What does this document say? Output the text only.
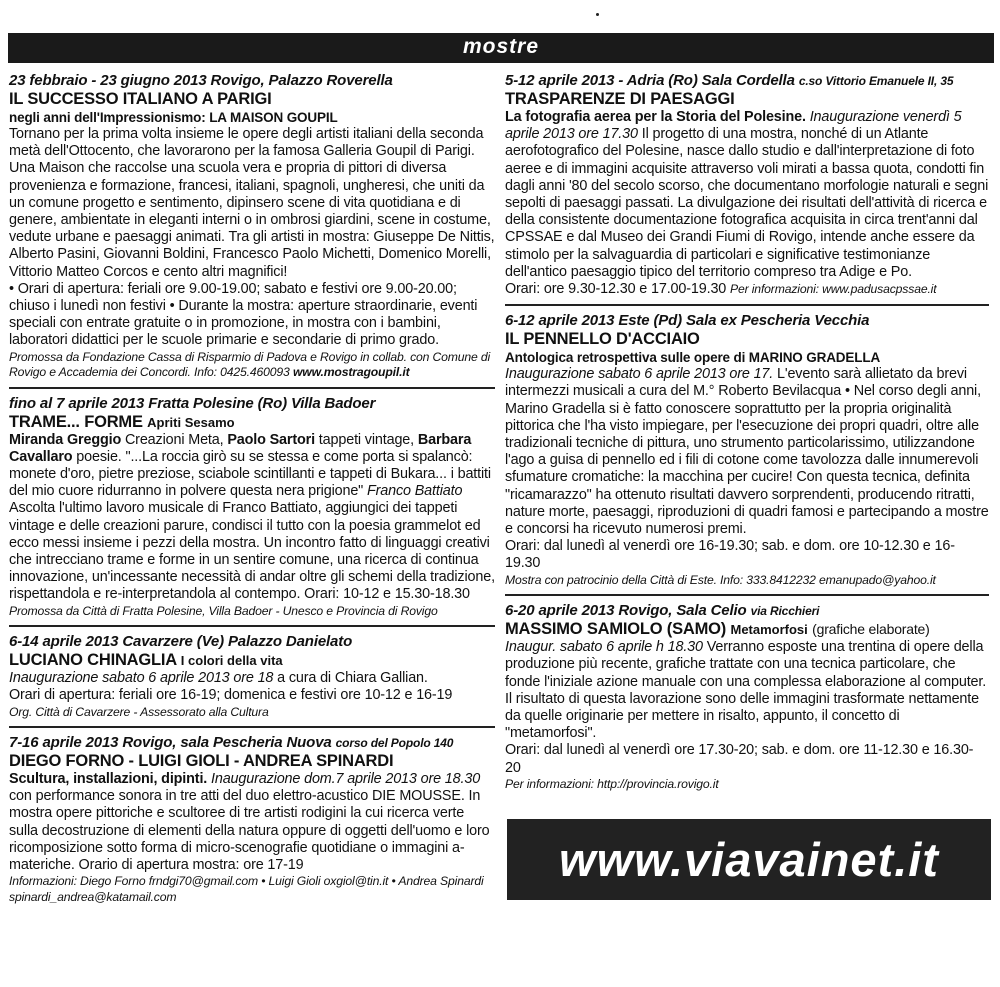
mostre
23 febbraio - 23 giugno 2013 Rovigo, Palazzo Roverella
IL SUCCESSO ITALIANO A PARIGI
negli anni dell'Impressionismo: LA MAISON GOUPIL

Tornano per la prima volta insieme le opere degli artisti italiani della seconda metà dell'Ottocento, che lavorarono per la famosa Galleria Goupil di Parigi. Una Maison che raccolse una scuola vera e propria di pittori di diversa provenienza e formazione, francesi, italiani, spagnoli, ungheresi, che uniti da un comune progetto e sentimento, dipinsero scene di vita quotidiana e di genere, ambientate in eleganti interni o in ombrosi giardini, scene in costume, vedute urbane e paesaggi animati. Tra gli artisti in mostra: Giuseppe De Nittis, Alberto Pasini, Giovanni Boldini, Francesco Paolo Michetti, Domenico Morelli, Vittorio Matteo Corcos e cento altri magnifici!

• Orari di apertura: feriali ore 9.00-19.00; sabato e festivi ore 9.00-20.00; chiuso i lunedì non festivi • Durante la mostra: aperture straordinarie, eventi speciali con entrate gratuite o in promozione, in mostra con i bambini, laboratori didattici per le scuole primarie e secondarie di primo grado.

Promossa da Fondazione Cassa di Risparmio di Padova e Rovigo in collab. con Comune di Rovigo e Accademia dei Concordi. Info: 0425.460093 www.mostragoupil.it
fino al 7 aprile 2013 Fratta Polesine (Ro) Villa Badoer
TRAME... FORME Apriti Sesamo

Miranda Greggio Creazioni Meta, Paolo Sartori tappeti vintage, Barbara Cavallaro poesie. "...La roccia girò su se stessa e come porta si spalancò: monete d'oro, pietre preziose, sciabole scintillanti e tappeti di Bukara... i battiti del mio cuore ridurranno in polvere questa nera prigione" Franco Battiato

Ascolta l'ultimo lavoro musicale di Franco Battiato, aggiungici dei tappeti vintage e delle creazioni parure, condisci il tutto con la poesia grammelot ed ecco messi insieme i pezzi della mostra. Un incontro fatto di linguaggi creativi che intrecciano trame e forme in un sentire comune, una ricerca di continua innovazione, un'incessante necessità di andar oltre gli schemi della tradizione, rispettandola e re-interpretandola al contempo. Orari: 10-12 e 15.30-18.30

Promossa da Città di Fratta Polesine, Villa Badoer - Unesco e Provincia di Rovigo
6-14 aprile 2013 Cavarzere (Ve) Palazzo Danielato
LUCIANO CHINAGLIA I colori della vita

Inaugurazione sabato 6 aprile 2013 ore 18 a cura di Chiara Gallian.

Orari di apertura: feriali ore 16-19; domenica e festivi ore 10-12 e 16-19

Org. Città di Cavarzere - Assessorato alla Cultura
7-16 aprile 2013 Rovigo, sala Pescheria Nuova corso del Popolo 140
DIEGO FORNO - LUIGI GIOLI - ANDREA SPINARDI

Scultura, installazioni, dipinti. Inaugurazione dom.7 aprile 2013 ore 18.30 con performance sonora in tre atti del duo elettro-acustico DIE MOUSSE. In mostra opere pittoriche e scultoree di tre artisti rodigini la cui ricerca verte sulla decostruzione di elementi della natura oppure di oggetti dell'uomo e loro ricomposizione sotto forma di micro-scenografie quotidiane o immagini a-materiche. Orario di apertura mostra: ore 17-19

Informazioni: Diego Forno frndgi70@gmail.com • Luigi Gioli oxgiol@tin.it • Andrea Spinardi spinardi_andrea@katamail.com
5-12 aprile 2013 - Adria (Ro) Sala Cordella c.so Vittorio Emanuele II, 35
TRASPARENZE DI PAESAGGI

La fotografia aerea per la Storia del Polesine. Inaugurazione venerdì 5 aprile 2013 ore 17.30 Il progetto di una mostra, nonché di un Atlante aerofotografico del Polesine, nasce dallo studio e dall'interpretazione di foto aeree e di immagini acquisite attraverso voli mirati a bassa quota, condotti fin dagli anni '80 del secolo scorso, che documentano morfologie naturali e segni sepolti di paesaggi passati. La divulgazione dei risultati dell'attività di ricerca e della consistente documentazione fotografica acquisita in circa trent'anni dal CPSSAE e dal Museo dei Grandi Fiumi di Rovigo, intende anche essere da stimolo per la salvaguardia di particolari e significative testimonianze dell'antico paesaggio tipico del territorio compreso tra Adige e Po.

Orari: ore 9.30-12.30 e 17.00-19.30 Per informazioni: www.padusacpssae.it

6-12 aprile 2013 Este (Pd) Sala ex Pescheria Vecchia
IL PENNELLO D'ACCIAIO
Antologica retrospettiva sulle opere di MARINO GRADELLA

Inaugurazione sabato 6 aprile 2013 ore 17. L'evento sarà allietato da brevi intermezzi musicali a cura del M.° Roberto Bevilacqua • Nel corso degli anni, Marino Gradella si è fatto conoscere soprattutto per la propria originalità pittorica che l'ha visto impiegare, per l'esecuzione dei propri quadri, oltre alle tradizionali tecniche di pittura, uno strumento particolarissimo, utilizzandone l'ago a guisa di pennello ed i fili di cotone come tavolozza dalle innumerevoli sfumature cromatiche: la macchina per cucire! Con questa tecnica, definita "ricamarazzo" ha ottenuto risultati davvero sorprendenti, producendo ritratti, nature morte, paesaggi, riproduzioni di quadri famosi e partecipando a mostre e concorsi ha ricevuto numerosi premi.

Orari: dal lunedì al venerdì ore 16-19.30; sab. e dom. ore 10-12.30 e 16-19.30

Mostra con patrocinio della Città di Este. Info: 333.8412232 emanupado@yahoo.it
6-20 aprile 2013 Rovigo, Sala Celio via Ricchieri
MASSIMO SAMIOLO (SAMO) Metamorfosi (grafiche elaborate)

Inaugur. sabato 6 aprile h 18.30 Verranno esposte una trentina di opere della produzione più recente, grafiche trattate con una tecnica particolare, che fonde l'iniziale azione manuale con una complessa elaborazione al computer. Il risultato di questa lavorazione sono delle immagini trasformate nettamente da quelle originarie per mettere in risalto, appunto, il concetto di "metamorfosi".

Orari: dal lunedì al venerdì ore 17.30-20; sab. e dom. ore 11-12.30 e 16.30-20

Per informazioni: http://provincia.rovigo.it
www.viavainet.it
